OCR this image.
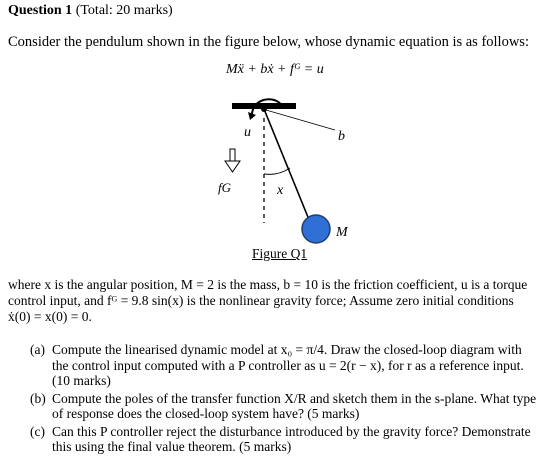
Question 1 (Total: 20 marks)
Consider the pendulum shown in the figure below, whose dynamic equation is as follows:
Mẍ + bẋ + fᴳ = u
u	b
fG	x
M
Figure Q1
where x is the angular position, M = 2 is the mass, b = 10 is the friction coefficient, u is a torque
control input, and fᴳ = 9.8 sin(x) is the nonlinear gravity force; Assume zero initial conditions
ẋ(0) = x(0) = 0.
(a) Compute the linearised dynamic model at x₀ = π/4. Draw the closed-loop diagram with
the control input computed with a P controller as u = 2(r − x), for r as a reference input.
(10 marks)
(b) Compute the poles of the transfer function X/R and sketch them in the s-plane. What type
of response does the closed-loop system have? (5 marks)
(c) Can this P controller reject the disturbance introduced by the gravity force? Demonstrate
this using the final value theorem. (5 marks)
